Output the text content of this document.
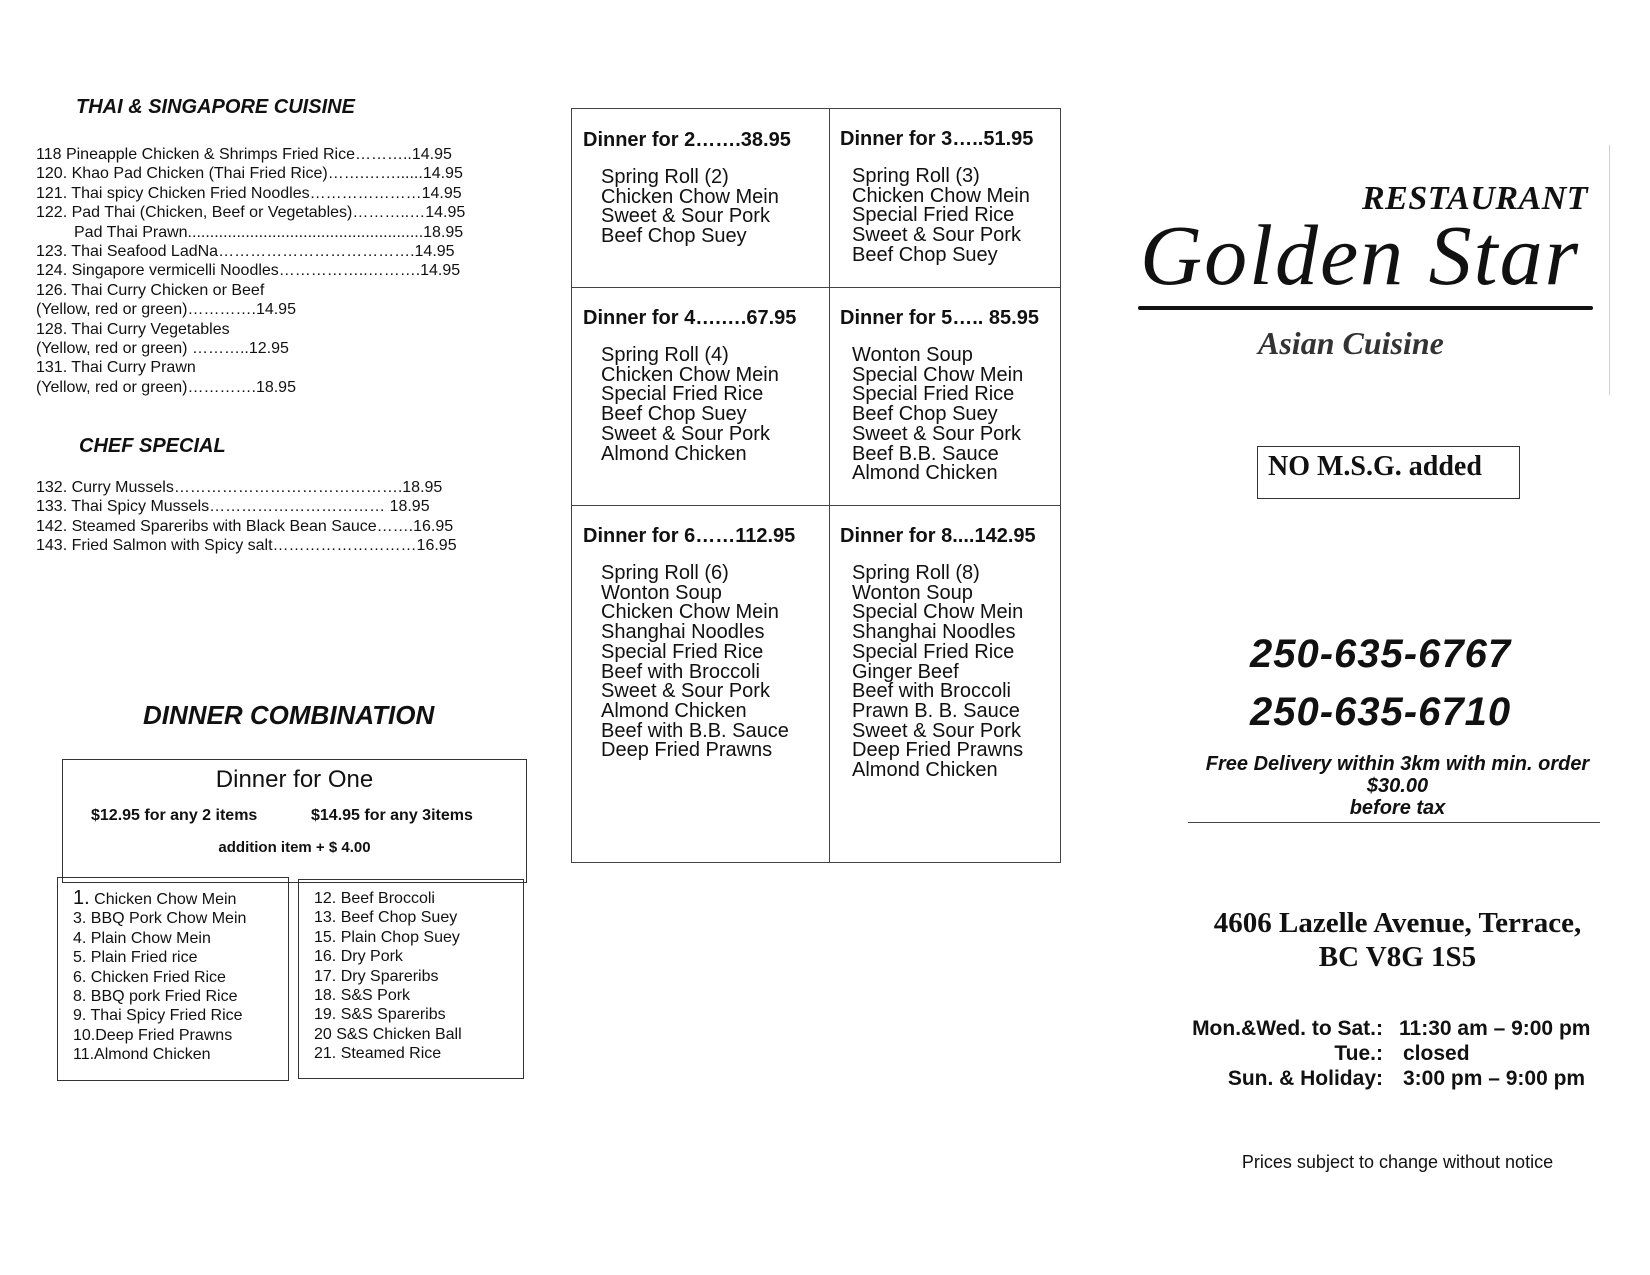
THAI & SINGAPORE CUISINE
118 Pineapple Chicken & Shrimps Fried Rice………..14.95
120. Khao Pad Chicken (Thai Fried Rice)…….……......14.95
121. Thai spicy Chicken Fried Noodles…………………14.95
122. Pad Thai (Chicken, Beef or Vegetables)………..…14.95
Pad Thai Prawn.....................................................18.95
123. Thai Seafood LadNa……………………………….14.95
124. Singapore vermicelli Noodles……………..……….14.95
126. Thai Curry Chicken or Beef
(Yellow, red or green)………….14.95
128. Thai Curry Vegetables
(Yellow, red or green) ………..12.95
131. Thai Curry Prawn
(Yellow, red or green)………….18.95
CHEF SPECIAL
132. Curry Mussels…………………………………….18.95
133. Thai Spicy Mussels…………………………… 18.95
142. Steamed Spareribs with Black Bean Sauce…….16.95
143. Fried Salmon with Spicy salt………………………16.95
DINNER COMBINATION
Dinner for One
$12.95 for any 2 items	$14.95 for any 3items
addition item + $ 4.00
1. Chicken Chow Mein
3. BBQ Pork Chow Mein
4. Plain Chow Mein
5. Plain Fried rice
6. Chicken Fried Rice
8. BBQ pork Fried Rice
9. Thai Spicy Fried Rice
10.Deep Fried Prawns
11.Almond Chicken
12. Beef Broccoli
13. Beef Chop Suey
15. Plain Chop Suey
16. Dry Pork
17. Dry Spareribs
18. S&S Pork
19. S&S Spareribs
20 S&S Chicken Ball
21. Steamed Rice
Dinner for 2…….38.95
Spring Roll (2)
Chicken Chow Mein
Sweet & Sour Pork
Beef Chop Suey
Dinner for 3…..51.95
Spring Roll (3)
Chicken Chow Mein
Special Fried Rice
Sweet & Sour Pork
Beef Chop Suey
Dinner for 4….….67.95
Spring Roll (4)
Chicken Chow Mein
Special Fried Rice
Beef Chop Suey
Sweet & Sour Pork
Almond Chicken
Dinner for 5….. 85.95
Wonton Soup
Special Chow Mein
Special Fried Rice
Beef Chop Suey
Sweet & Sour Pork
Beef B.B. Sauce
Almond Chicken
Dinner for 6……112.95
Spring Roll (6)
Wonton Soup
Chicken Chow Mein
Shanghai Noodles
Special Fried Rice
Beef with Broccoli
Sweet & Sour Pork
Almond Chicken
Beef with B.B. Sauce
Deep Fried Prawns
Dinner for 8....142.95
Spring Roll (8)
Wonton Soup
Special Chow Mein
Shanghai Noodles
Special Fried Rice
Ginger Beef
Beef with Broccoli
Prawn B. B. Sauce
Sweet & Sour Pork
Deep Fried Prawns
Almond Chicken
RESTAURANT
Golden Star
Asian Cuisine
NO M.S.G. added
250-635-6767
250-635-6710
Free Delivery within 3km with min. order
$30.00
before tax
4606 Lazelle Avenue, Terrace,
BC V8G 1S5
Mon.&Wed. to Sat.: 11:30 am – 9:00 pm
Tue.: closed
Sun. & Holiday: 3:00 pm – 9:00 pm
Prices subject to change without notice
